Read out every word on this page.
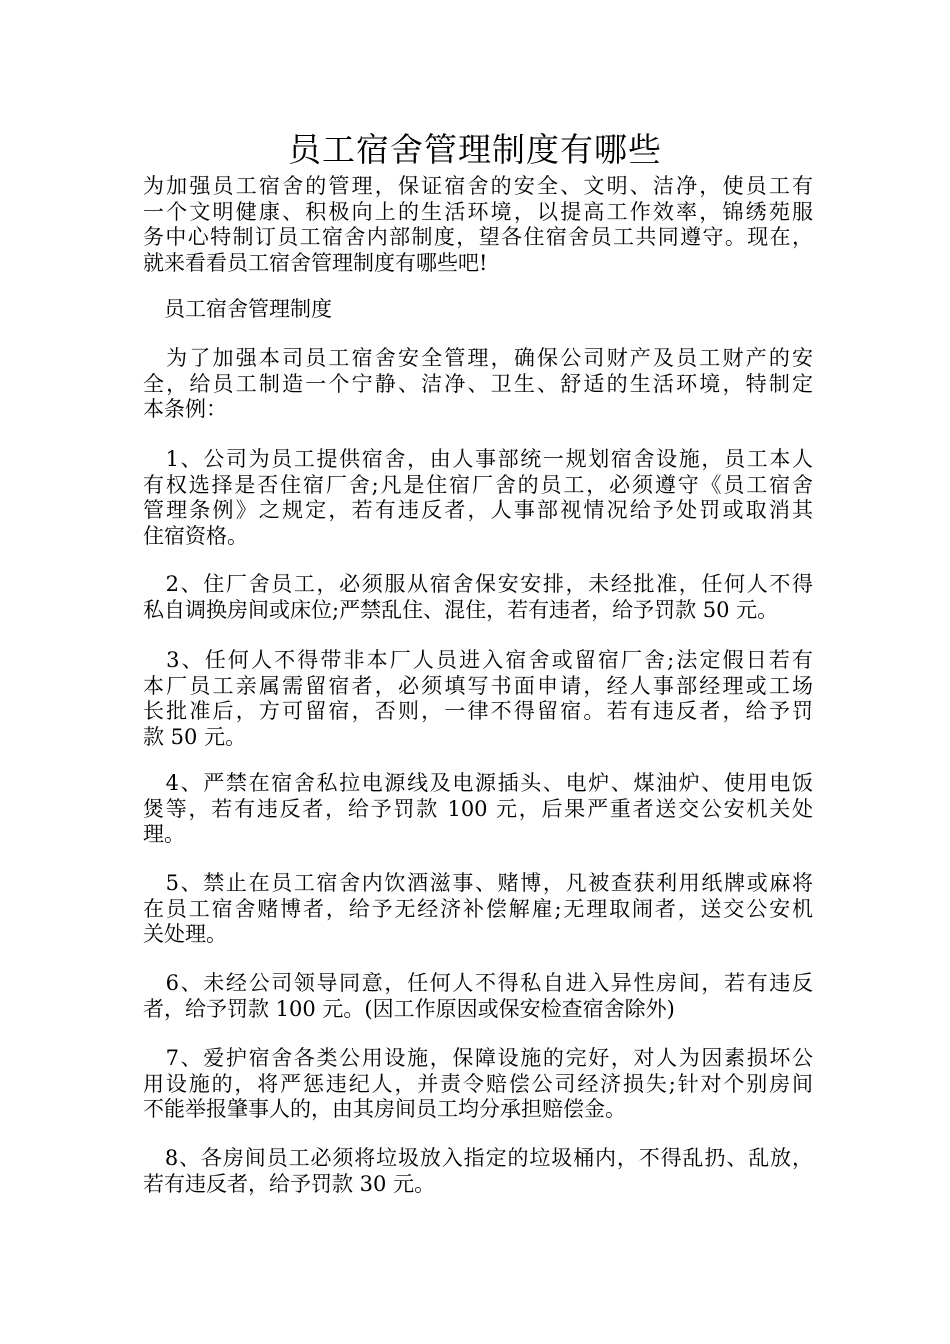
员工宿舍管理制度有哪些
为加强员工宿舍的管理，保证宿舍的安全、文明、洁净，使员工有
一个文明健康、积极向上的生活环境，以提高工作效率，锦绣苑服
务中心特制订员工宿舍内部制度，望各住宿舍员工共同遵守。现在，
就来看看员工宿舍管理制度有哪些吧!
　员工宿舍管理制度
　为了加强本司员工宿舍安全管理，确保公司财产及员工财产的安
全，给员工制造一个宁静、洁净、卫生、舒适的生活环境，特制定
本条例：
　1、公司为员工提供宿舍，由人事部统一规划宿舍设施，员工本人
有权选择是否住宿厂舍;凡是住宿厂舍的员工，必须遵守《员工宿舍
管理条例》之规定，若有违反者，人事部视情况给予处罚或取消其
住宿资格。
　2、住厂舍员工，必须服从宿舍保安安排，未经批准，任何人不得
私自调换房间或床位;严禁乱住、混住，若有违者，给予罚款 50 元。
　3、任何人不得带非本厂人员进入宿舍或留宿厂舍;法定假日若有
本厂员工亲属需留宿者，必须填写书面申请，经人事部经理或工场
长批准后，方可留宿，否则，一律不得留宿。若有违反者，给予罚
款 50 元。
　4、严禁在宿舍私拉电源线及电源插头、电炉、煤油炉、使用电饭
煲等，若有违反者，给予罚款 100 元，后果严重者送交公安机关处
理。
　5、禁止在员工宿舍内饮酒滋事、赌博，凡被查获利用纸牌或麻将
在员工宿舍赌博者，给予无经济补偿解雇;无理取闹者，送交公安机
关处理。
　6、未经公司领导同意，任何人不得私自进入异性房间，若有违反
者，给予罚款 100 元。(因工作原因或保安检查宿舍除外)
　7、爱护宿舍各类公用设施，保障设施的完好，对人为因素损坏公
用设施的，将严惩违纪人，并责令赔偿公司经济损失;针对个别房间
不能举报肇事人的，由其房间员工均分承担赔偿金。
　8、各房间员工必须将垃圾放入指定的垃圾桶内，不得乱扔、乱放，
若有违反者，给予罚款 30 元。
